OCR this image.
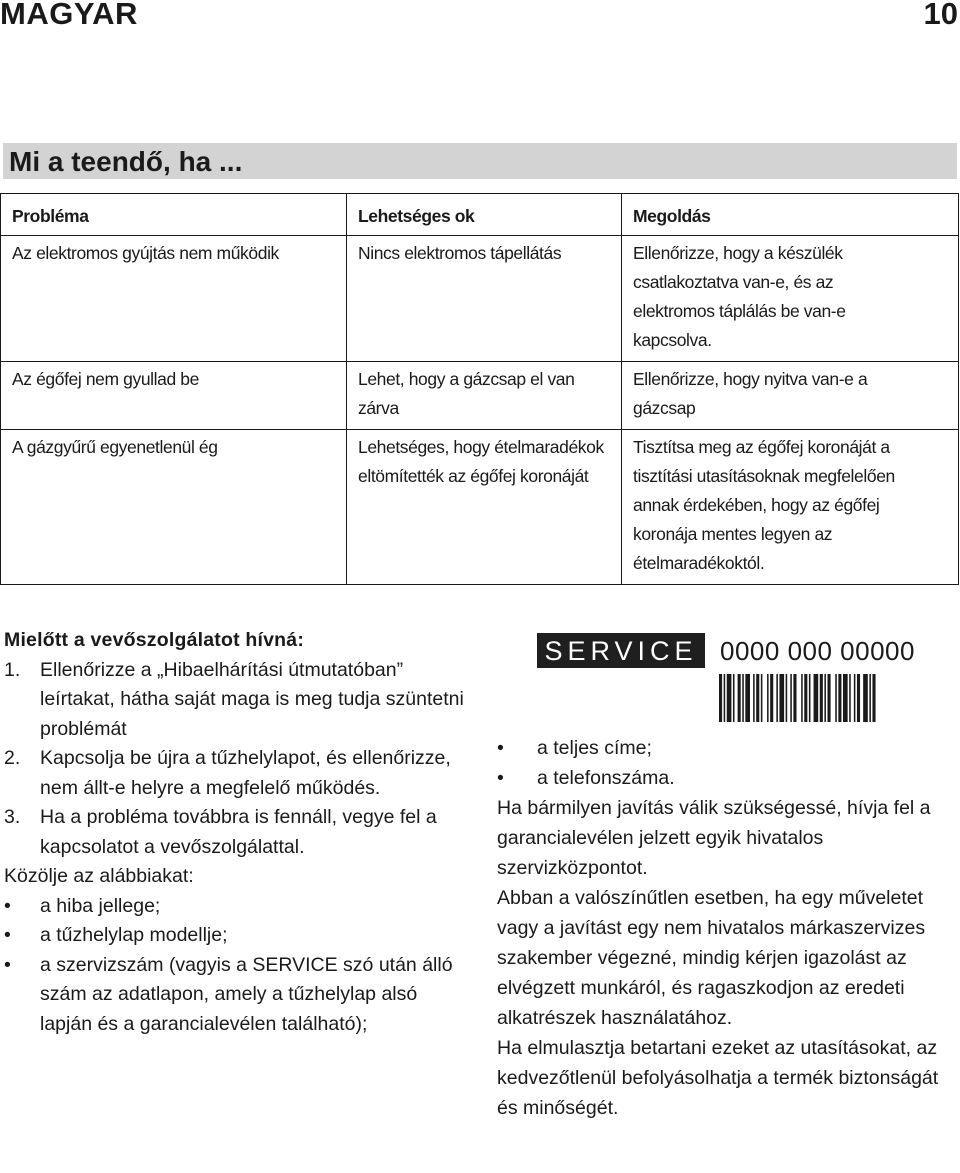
MAGYAR	10
Mi a teendő, ha ...
Probléma	Lehetséges ok	Megoldás
Az elektromos gyújtás nem működik	Nincs elektromos tápellátás	Ellenőrizze, hogy a készülék csatlakoztatva van-e, és az elektromos táplálás be van-e kapcsolva.
Az égőfej nem gyullad be	Lehet, hogy a gázcsap el van zárva	Ellenőrizze, hogy nyitva van-e a gázcsap
A gázgyűrű egyenetlenül ég	Lehetséges, hogy ételmaradékok eltömítették az égőfej koronáját	Tisztítsa meg az égőfej koronáját a tisztítási utasításoknak megfelelően annak érdekében, hogy az égőfej koronája mentes legyen az ételmaradékoktól.
Mielőtt a vevőszolgálatot hívná:
1. Ellenőrizze a „Hibaelhárítási útmutatóban” leírtakat, hátha saját maga is meg tudja szüntetni problémát
2. Kapcsolja be újra a tűzhelylapot, és ellenőrizze, nem állt-e helyre a megfelelő működés.
3. Ha a probléma továbbra is fennáll, vegye fel a kapcsolatot a vevőszolgálattal.
Közölje az alábbiakat:
• a hiba jellege;
• a tűzhelylap modellje;
• a szervizszám (vagyis a SERVICE szó után álló szám az adatlapon, amely a tűzhelylap alsó lapján és a garancialevélen található);
SERVICE 0000 000 00000
• a teljes címe;
• a telefonszáma.

Ha bármilyen javítás válik szükségessé, hívja fel a garancialevélen jelzett egyik hivatalos szervizközpontot.

Abban a valószínűtlen esetben, ha egy műveletet vagy a javítást egy nem hivatalos márkaszervizes szakember végezné, mindig kérjen igazolást az elvégzett munkáról, és ragaszkodjon az eredeti alkatrészek használatához.

Ha elmulasztja betartani ezeket az utasításokat, az kedvezőtlenül befolyásolhatja a termék biztonságát és minőségét.
